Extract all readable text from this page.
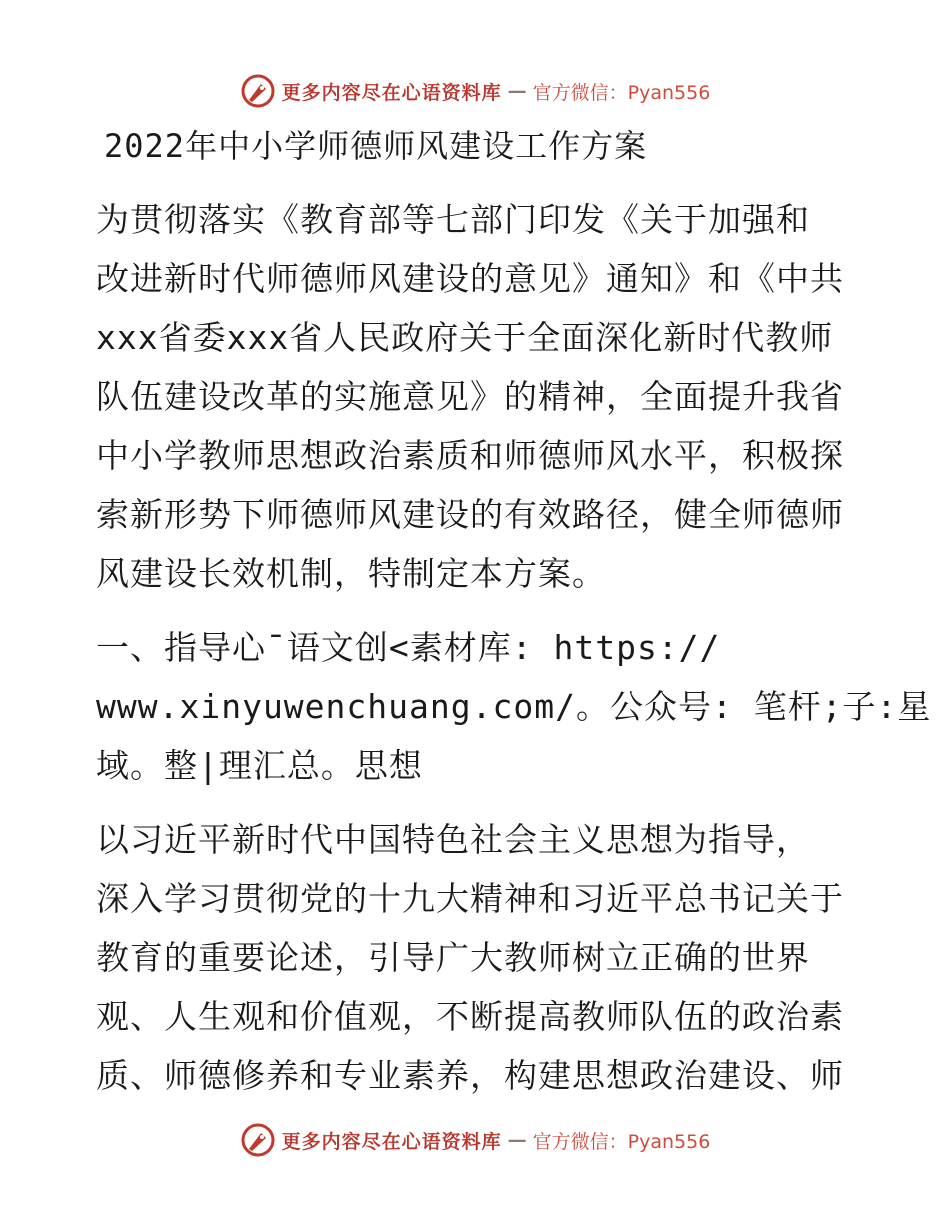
更多内容尽在心语资料库 — 官方微信：Pyan556
2022年中小学师德师风建设工作方案
为贯彻落实《教育部等七部门印发《关于加强和
改进新时代师德师风建设的意见》通知》和《中共
xxx省委xxx省人民政府关于全面深化新时代教师
队伍建设改革的实施意见》的精神，全面提升我省
中小学教师思想政治素质和师德师风水平，积极探
索新形势下师德师风建设的有效路径，健全师德师
风建设长效机制，特制定本方案。
一、指导心¯语文创<素材库: https://
www.xinyuwenchuang.com/。公众号: 笔杆;子:星
域。整|理汇总。思想
以习近平新时代中国特色社会主义思想为指导，
深入学习贯彻党的十九大精神和习近平总书记关于
教育的重要论述，引导广大教师树立正确的世界
观、人生观和价值观，不断提高教师队伍的政治素
质、师德修养和专业素养，构建思想政治建设、师
更多内容尽在心语资料库 — 官方微信：Pyan556
